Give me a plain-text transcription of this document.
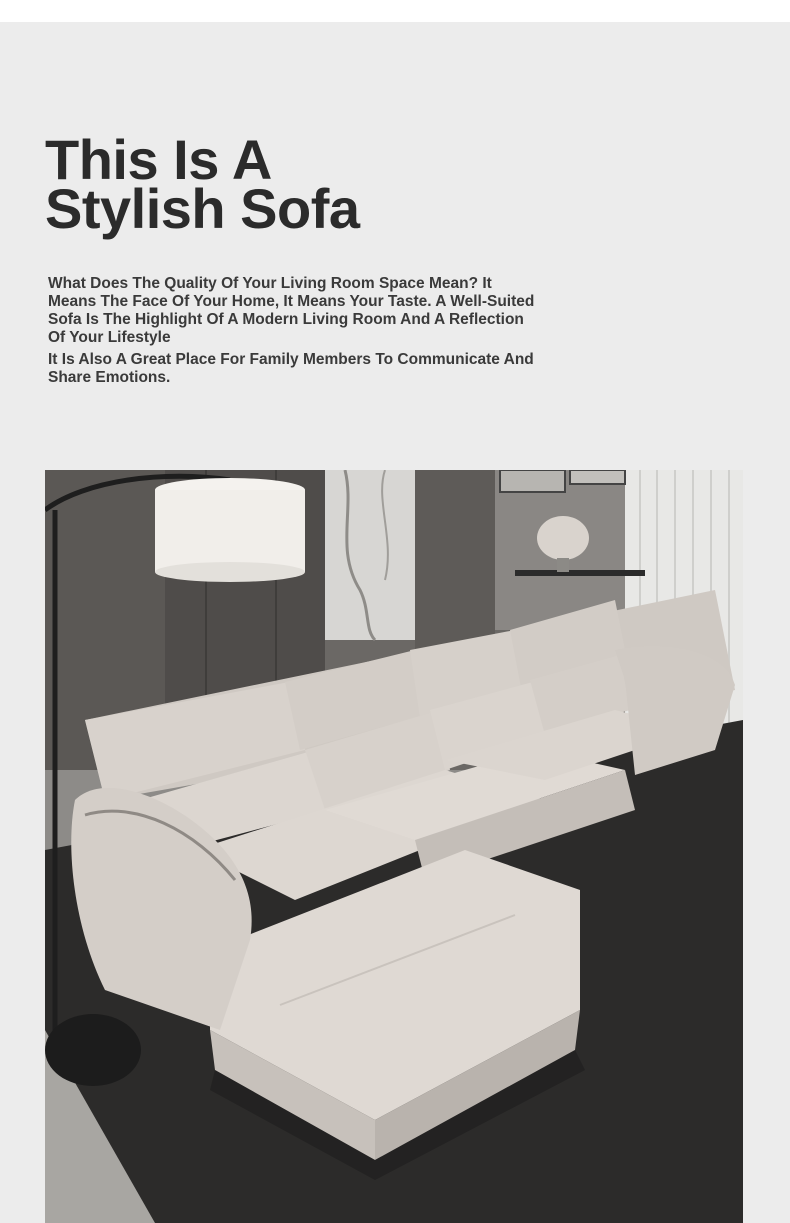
This Is A
Stylish Sofa

What Does The Quality Of Your Living Room Space Mean? It Means The Face Of Your Home, It Means Your Taste. A Well-Suited Sofa Is The Highlight Of A Modern Living Room And A Reflection Of Your Lifestyle

It Is Also A Great Place For Family Members To Communicate And Share Emotions.
